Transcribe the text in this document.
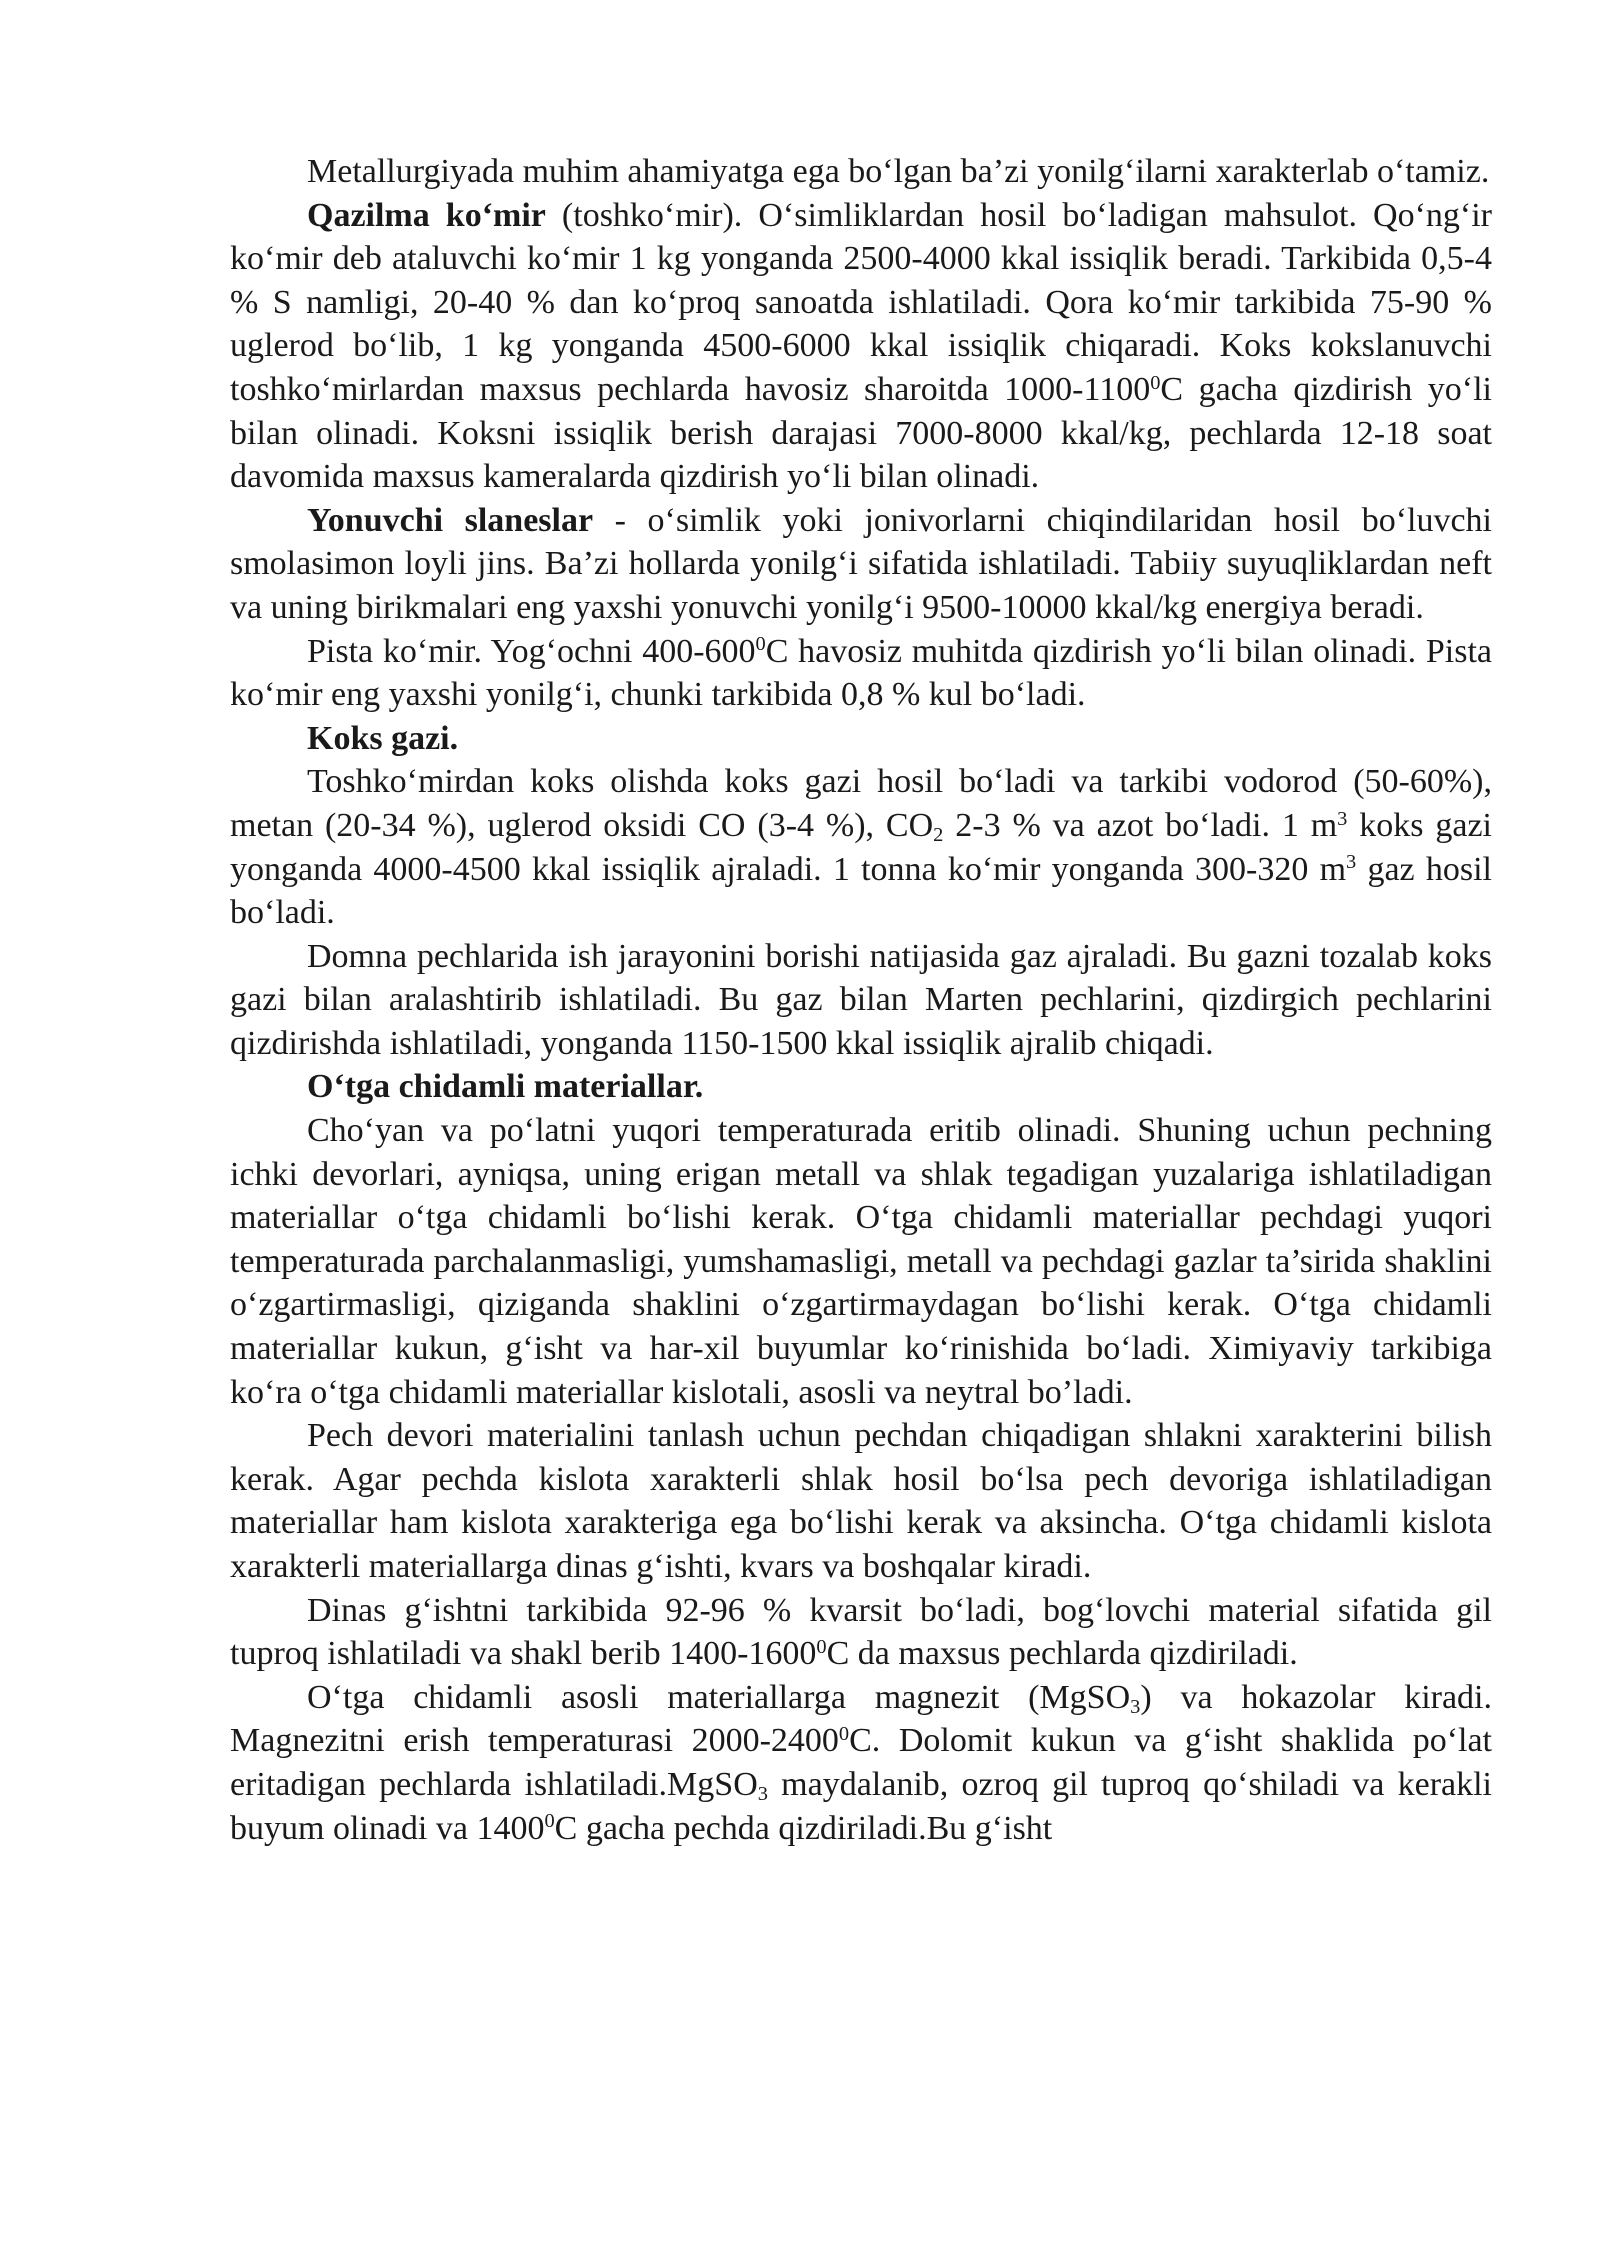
Metallurgiyada muhim ahamiyatga ega bo‘lgan ba’zi yonilg‘ilarni xarakterlab o‘tamiz.

Qazilma ko‘mir (toshko‘mir). O‘simliklardan hosil bo‘ladigan mahsulot. Qo‘ng‘ir ko‘mir deb ataluvchi ko‘mir 1 kg yonganda 2500-4000 kkal issiqlik beradi. Tarkibida 0,5-4 % S namligi, 20-40 % dan ko‘proq sanoatda ishlatiladi. Qora ko‘mir tarkibida 75-90 % uglerod bo‘lib, 1 kg yonganda 4500-6000 kkal issiqlik chiqaradi. Koks kokslanuvchi toshko‘mirlardan maxsus pechlarda havosiz sharoitda 1000-1100$^0$C gacha qizdirish yo‘li bilan olinadi. Koksni issiqlik berish darajasi 7000-8000 kkal/kg, pechlarda 12-18 soat davomida maxsus kameralarda qizdirish yo‘li bilan olinadi.

Yonuvchi slaneslar - o‘simlik yoki jonivorlarni chiqindilaridan hosil bo‘luvchi smolasimon loyli jins. Ba’zi hollarda yonilg‘i sifatida ishlatiladi. Tabiiy suyuqliklardan neft va uning birikmalari eng yaxshi yonuvchi yonilg‘i 9500-10000 kkal/kg energiya beradi.

Pista ko‘mir. Yog‘ochni $400-600^0C$ havosiz muhitda qizdirish yo‘li bilan olinadi. Pista ko‘mir eng yaxshi yonilg‘i, chunki tarkibida 0,8 % kul bo‘ladi.

Koks gazi.

Toshko‘mirdan koks olishda koks gazi hosil bo‘ladi va tarkibi vodorod (50-60%), metan (20-34 %), uglerod oksidi CO (3-4 %), $CO_2$ 2-3 % va azot bo‘ladi. 1 $m^3$ koks gazi yonganda 4000-4500 kkal issiqlik ajraladi. 1 tonna ko‘mir yonganda 300-320 $m^3$ gaz hosil bo‘ladi.

Domna pechlarida ish jarayonini borishi natijasida gaz ajraladi. Bu gazni tozalab koks gazi bilan aralashtirib ishlatiladi. Bu gaz bilan Marten pechlarini, qizdirgich pechlarini qizdirishda ishlatiladi, yonganda 1150-1500 kkal issiqlik ajralib chiqadi.

O‘tga chidamli materiallar.

Cho‘yan va po‘latni yuqori temperaturada eritib olinadi. Shuning uchun pechning ichki devorlari, ayniqsa, uning erigan metall va shlak tegadigan yuzalariga ishlatiladigan materiallar o‘tga chidamli bo‘lishi kerak. O‘tga chidamli materiallar pechdagi yuqori temperaturada parchalanmasligi, yumshamasligi, metall va pechdagi gazlar ta’sirida shaklini o‘zgartirmasligi, qiziganda shaklini o‘zgartirmaydagan bo‘lishi kerak. O‘tga chidamli materiallar kukun, g‘isht va har-xil buyumlar ko‘rinishida bo‘ladi. Ximiyaviy tarkibiga ko‘ra o‘tga chidamli materiallar kislotali, asosli va neytral bo’ladi.

Pech devori materialini tanlash uchun pechdan chiqadigan shlakni xarakterini bilish kerak. Agar pechda kislota xarakterli shlak hosil bo‘lsa pech devoriga ishlatiladigan materiallar ham kislota xarakteriga ega bo‘lishi kerak va aksincha. O‘tga chidamli kislota xarakterli materiallarga dinas g‘ishti, kvars va boshqalar kiradi.

Dinas g‘ishtni tarkibida 92-96 % kvarsit bo‘ladi, bog‘lovchi material sifatida gil tuproq ishlatiladi va shakl berib 1400-1600$^0$C da maxsus pechlarda qizdiriladi.

O‘tga chidamli asosli materiallarga magnezit (MgSO$_3$) va hokazolar kiradi. Magnezitni erish temperaturasi 2000-2400$^0$C. Dolomit kukun va g‘isht shaklida po‘lat eritadigan pechlarda ishlatiladi.MgSO$_3$ maydalanib, ozroq gil tuproq qo‘shiladi va kerakli buyum olinadi va 1400$^0$C gacha pechda qizdiriladi.Bu g‘isht
